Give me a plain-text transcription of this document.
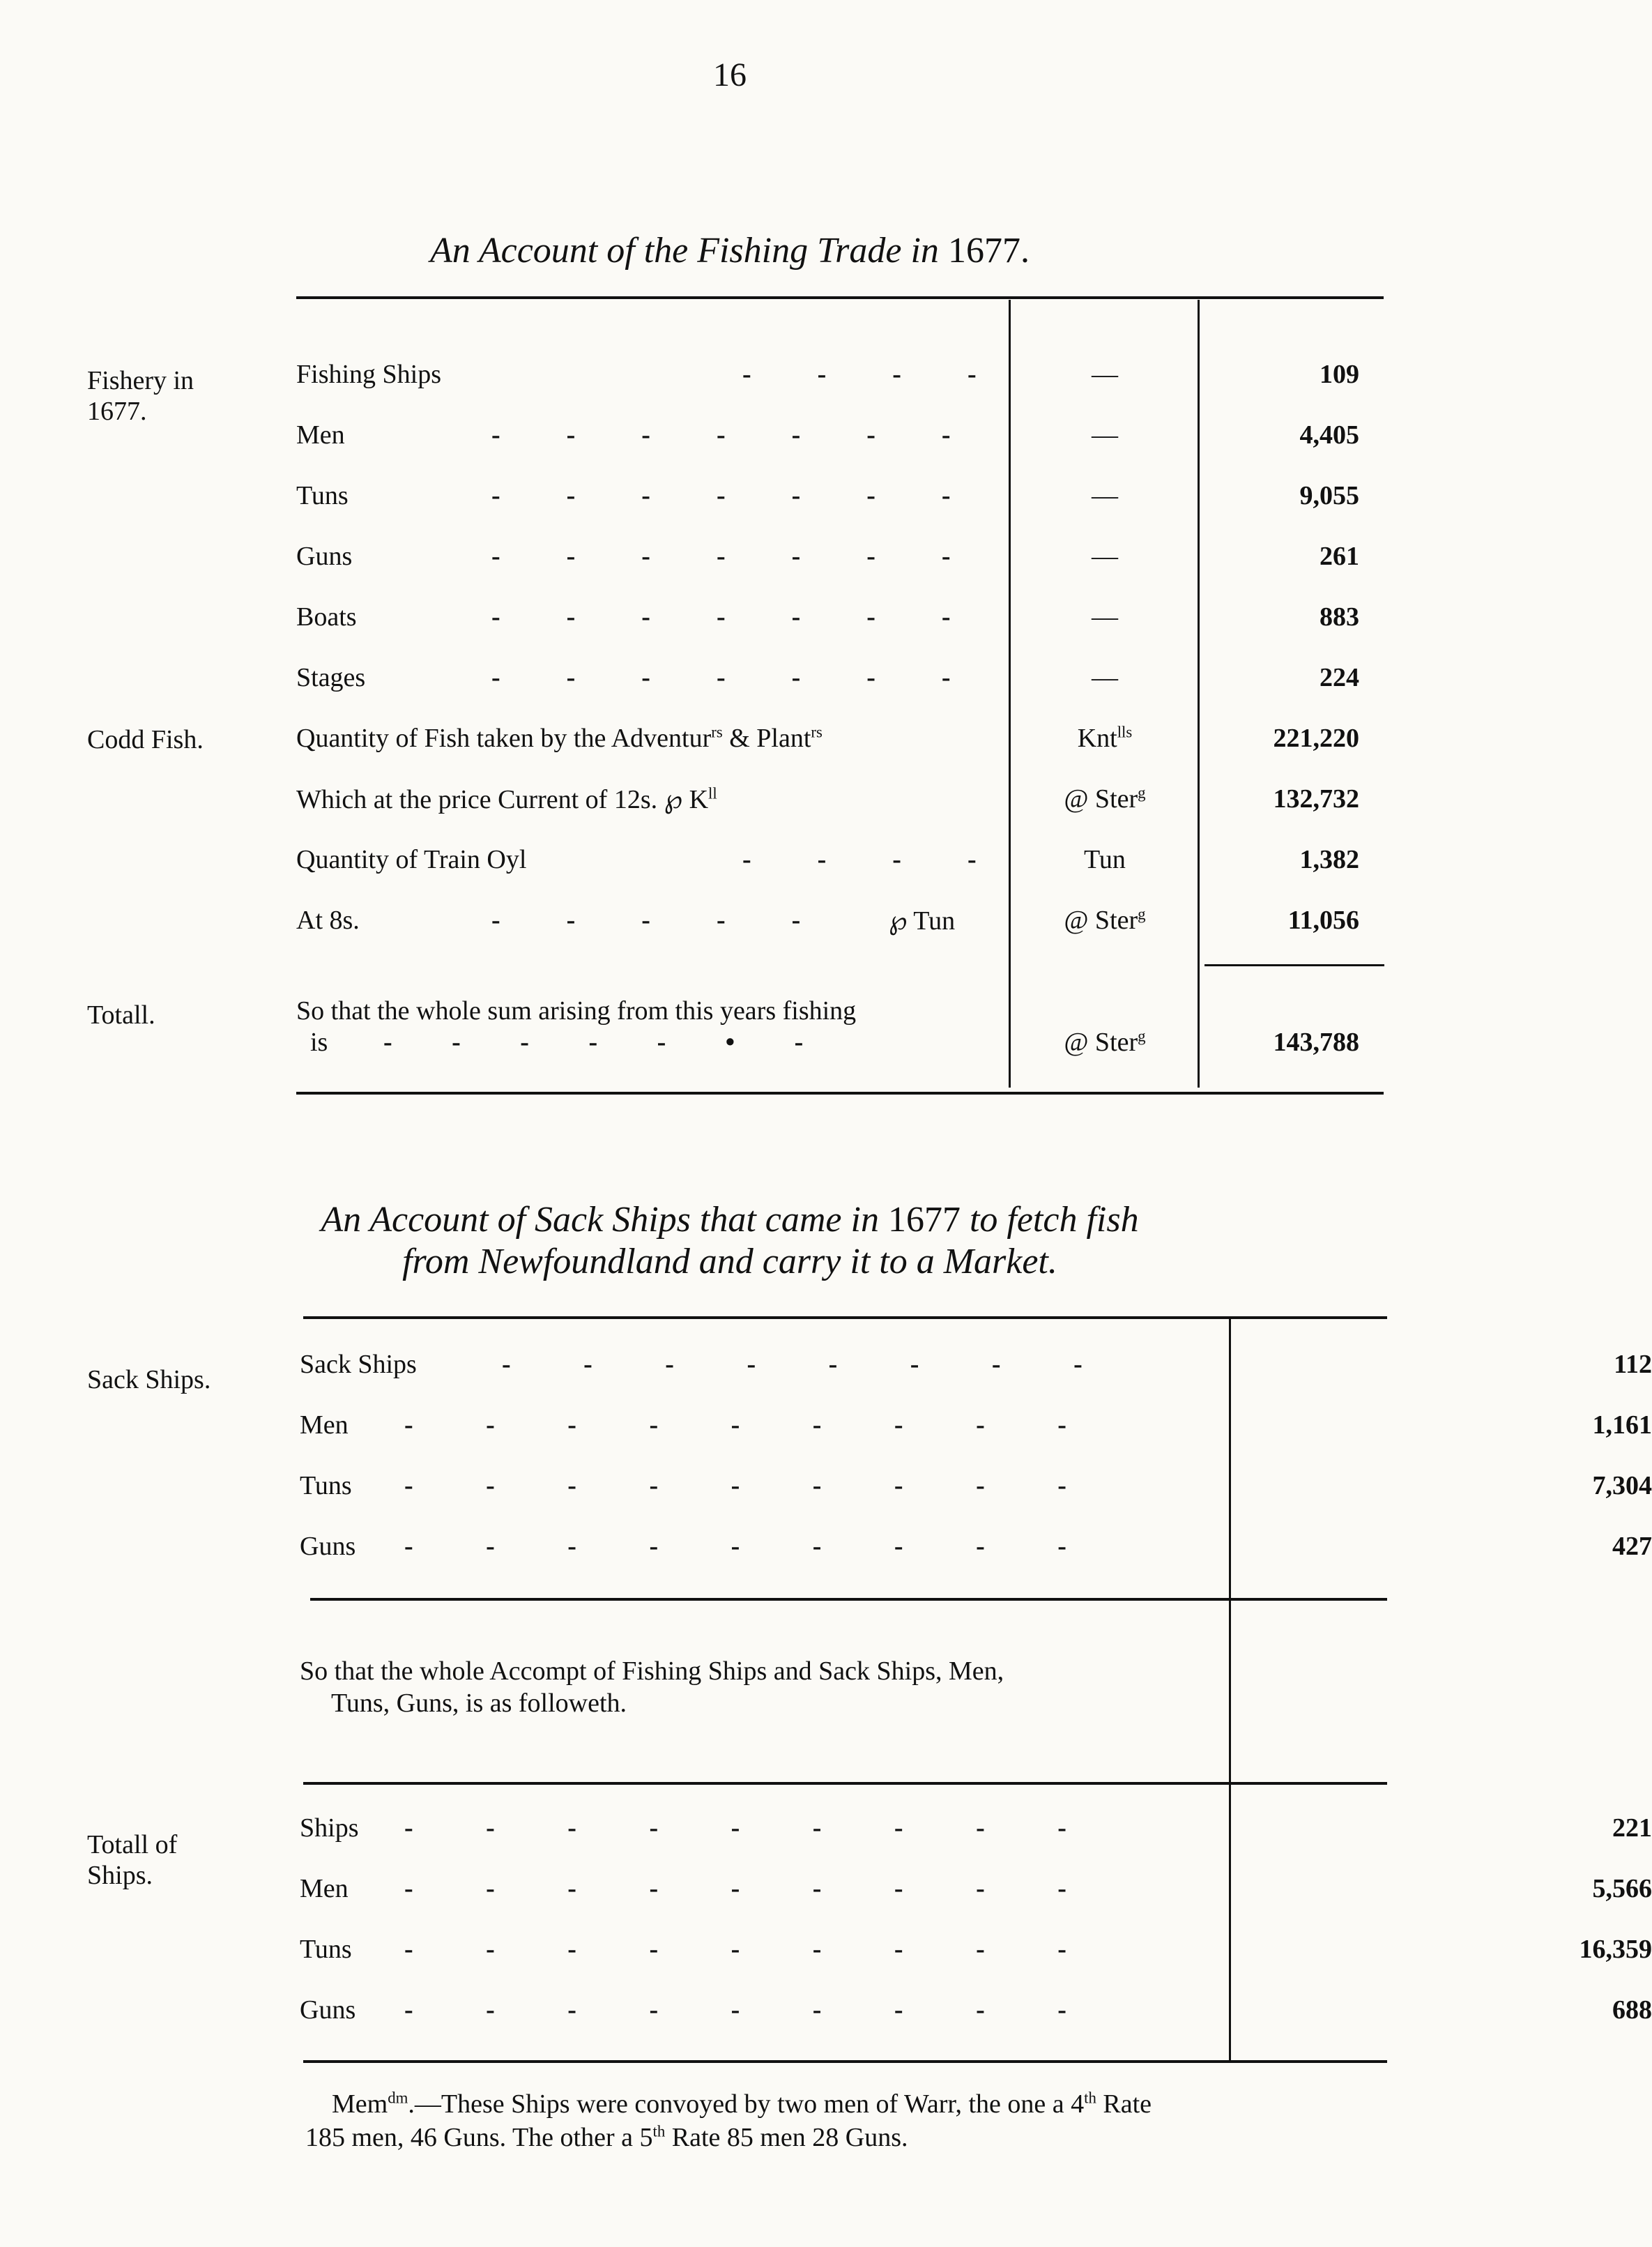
16
An Account of the Fishing Trade in 1677.
Fishery in
1677.
Codd Fish.
Totall.
Fishing Ships	-          -          -          -	—	109
Men	-          -          -          -          -          -          -	—	4,405
Tuns	-          -          -          -          -          -          -	—	9,055
Guns	-          -          -          -          -          -          -	—	261
Boats	-          -          -          -          -          -          -	—	883
Stages	-          -          -          -          -          -          -	—	224
Quantity of Fish taken by the Adventur$^{rs}$ & Plant$^{rs}$	Knt$^{lls}$	221,220
Which at the price Current of 12s. ℘ $K^{ll}$	@ Ster$^g$	132,732
Quantity of Train Oyl	-          -          -          -	Tun	1,382
At 8s.	-          -          -          -          -	℘ Tun	@ Ster$^g$	11,056
So that the whole sum arising from this years fishing
is -         -         -         -         -         •         -	@ Ster$^g$	143,788
An Account of Sack Ships that came in 1677 to fetch fish
from Newfoundland and carry it to a Market.
Sack Ships.
Sack Ships	-           -           -           -           -           -           -           -	112
Men -           -           -           -           -           -           -           -           -	1,161
Tuns -           -           -           -           -           -           -           -           -	7,304
Guns -           -           -           -           -           -           -           -           -	427
So that the whole Accompt of Fishing Ships and Sack Ships, Men,
Tuns, Guns, is as followeth.
Totall of
Ships.
Ships -           -           -           -           -           -           -           -           -	221
Men -           -           -           -           -           -           -           -           -	5,566
Tuns -           -           -           -           -           -           -           -           -	16,359
Guns -           -           -           -           -           -           -           -           -	688
Mem$^{dm}$.—These Ships were convoyed by two men of Warr, the one a 4th Rate
185 men, 46 Guns. The other a 5th Rate 85 men 28 Guns.
